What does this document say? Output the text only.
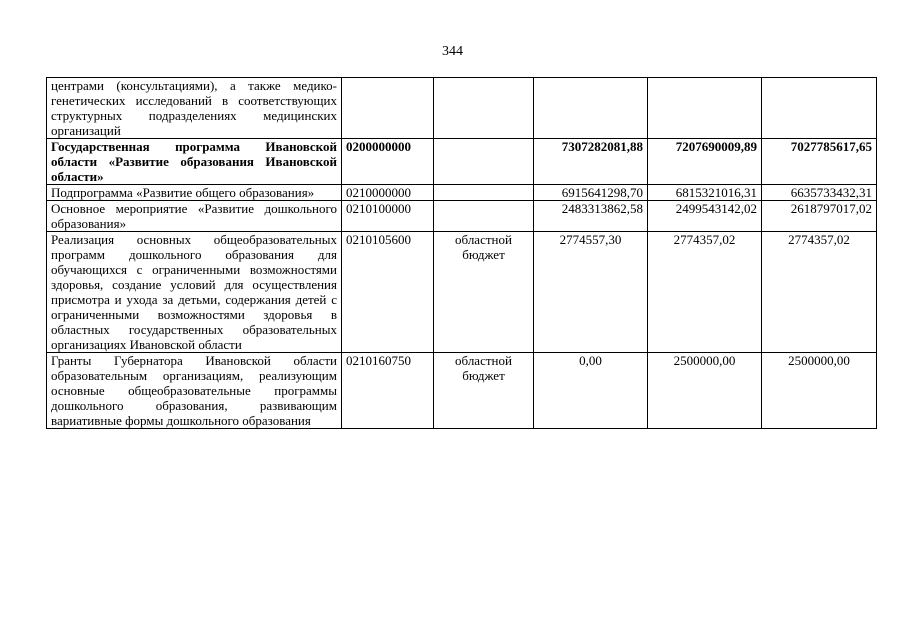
344
центрами (консультациями), а также медико-генетических исследований в соответствующих структурных подразделениях медицинских организаций					
Государственная программа Ивановской области «Развитие образования Ивановской области»	0200000000		7307282081,88	7207690009,89	7027785617,65
Подпрограмма «Развитие общего образования»	0210000000		6915641298,70	6815321016,31	6635733432,31
Основное мероприятие «Развитие дошкольного образования»	0210100000		2483313862,58	2499543142,02	2618797017,02
Реализация основных общеобразовательных программ дошкольного образования для обучающихся с ограниченными возможностями здоровья, создание условий для осуществления присмотра и ухода за детьми, содержания детей с ограниченными возможностями здоровья в областных государственных образовательных организациях Ивановской области	0210105600	областной бюджет	2774557,30	2774357,02	2774357,02
Гранты Губернатора Ивановской области образовательным организациям, реализующим основные общеобразовательные программы дошкольного образования, развивающим вариативные формы дошкольного образования	0210160750	областной бюджет	0,00	2500000,00	2500000,00
